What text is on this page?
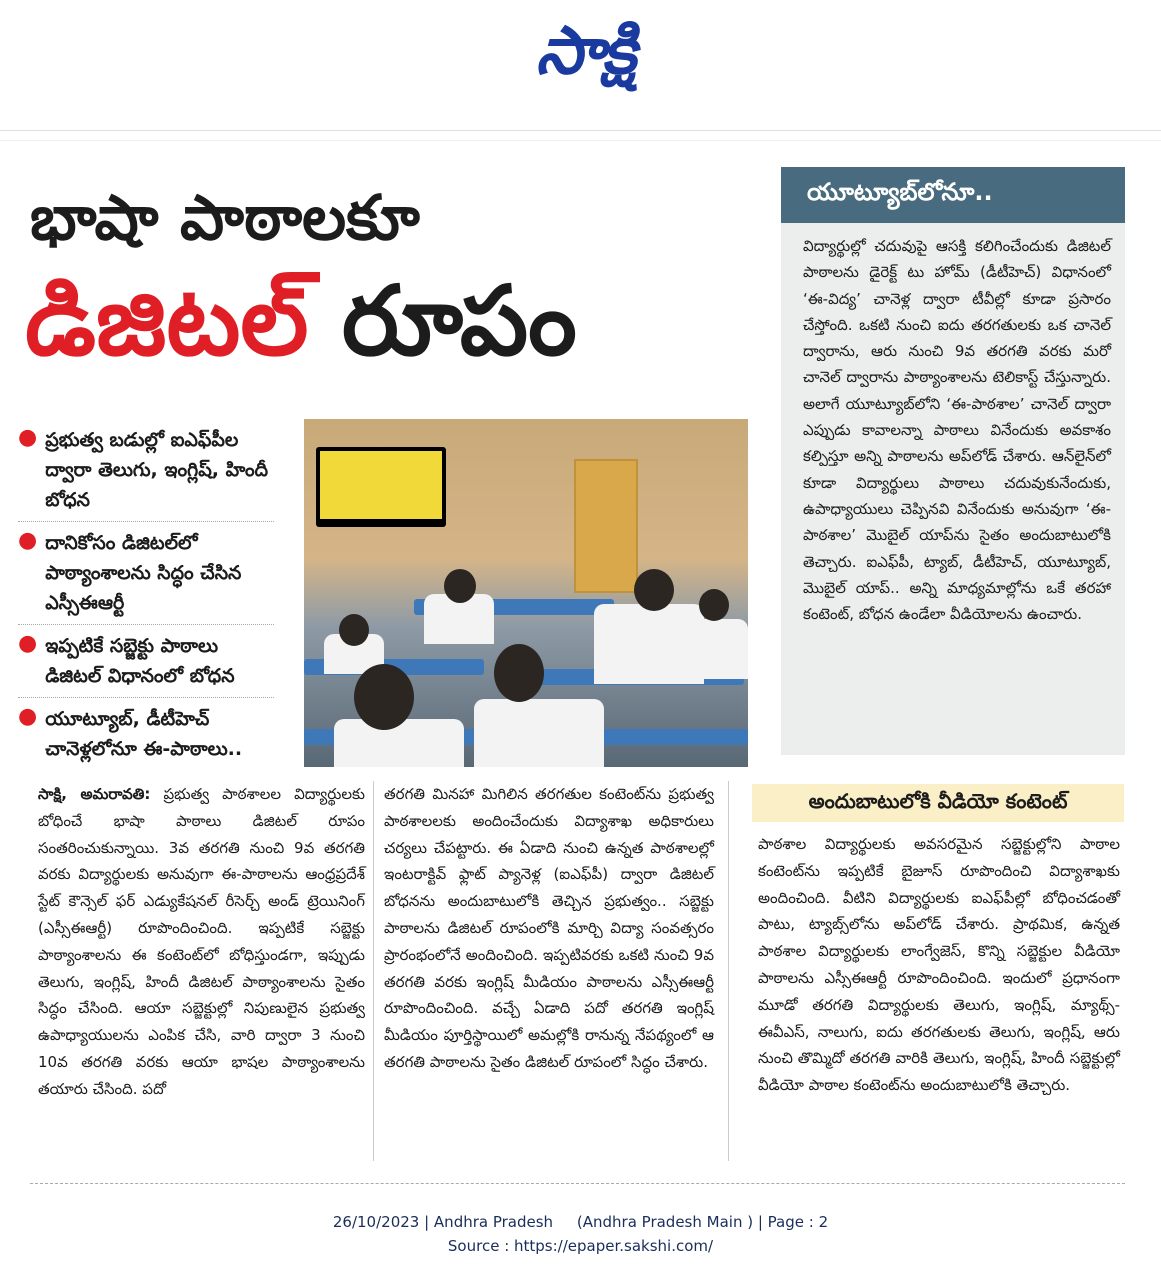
సాక్షి
భాషా పాఠాలకూ
డిజిటల్ రూపం
● ప్రభుత్వ బడుల్లో ఐఎఫ్‌పీల ద్వారా తెలుగు, ఇంగ్లిష్, హిందీ బోధన
● దానికోసం డిజిటల్‌లో పాఠ్యాంశాలను సిద్ధం చేసిన ఎస్సీఈఆర్టీ
● ఇప్పటికే సబ్జెక్టు పాఠాలు డిజిటల్ విధానంలో బోధన
● యూట్యూబ్, డీటీహెచ్ చానెళ్లలోనూ ఈ-పాఠాలు..
యూట్యూబ్‌లోనూ..
విద్యార్థుల్లో చదువుపై ఆసక్తి కలిగించేందుకు డిజిటల్ పాఠాలను డైరెక్ట్ టు హోమ్ (డీటీహెచ్) విధానంలో ‘ఈ-విద్య’ చానెళ్ల ద్వారా టీవీల్లో కూడా ప్రసారం చేస్తోంది. ఒకటి నుంచి ఐదు తరగతులకు ఒక చానెల్ ద్వారాను, ఆరు నుంచి 9వ తరగతి వరకు మరో చానెల్ ద్వారాను పాఠ్యాంశాలను టెలికాస్ట్ చేస్తున్నారు. అలాగే యూట్యూబ్‌లోని ‘ఈ-పాఠశాల’ చానెల్ ద్వారా ఎప్పుడు కావాలన్నా పాఠాలు వినేందుకు అవకాశం కల్పిస్తూ అన్ని పాఠాలను అప్‌లోడ్ చేశారు. ఆన్‌లైన్‌లో కూడా విద్యార్థులు పాఠాలు చదువుకునేందుకు, ఉపాధ్యాయులు చెప్పినవి వినేందుకు అనువుగా ‘ఈ-పాఠశాల’ మొబైల్ యాప్‌ను సైతం అందుబాటులోకి తెచ్చారు. ఐఎఫ్‌పీ, ట్యాబ్, డీటీహెచ్, యూట్యూబ్, మొబైల్ యాప్.. అన్ని మాధ్యమాల్లోను ఒకే తరహా కంటెంట్, బోధన ఉండేలా వీడియోలను ఉంచారు.
సాక్షి, అమరావతి: ప్రభుత్వ పాఠశాలల విద్యార్థులకు బోధించే భాషా పాఠాలు డిజిటల్ రూపం సంతరించుకున్నాయి. 3వ తరగతి నుంచి 9వ తరగతి వరకు విద్యార్థులకు అనువుగా ఈ-పాఠాలను ఆంధ్రప్రదేశ్ స్టేట్ కౌన్సెల్ ఫర్ ఎడ్యుకేషనల్ రీసెర్చ్ అండ్ ట్రెయినింగ్ (ఎస్సీఈఆర్టీ) రూపొందించింది. ఇప్పటికే సబ్జెక్టు పాఠ్యాంశాలను ఈ కంటెంట్‌లో బోధిస్తుండగా, ఇప్పుడు తెలుగు, ఇంగ్లిష్, హిందీ డిజిటల్ పాఠ్యాంశాలను సైతం సిద్ధం చేసింది. ఆయా సబ్జెక్టుల్లో నిపుణులైన ప్రభుత్వ ఉపాధ్యాయులను ఎంపిక చేసి, వారి ద్వారా 3 నుంచి 10వ తరగతి వరకు ఆయా భాషల పాఠ్యాంశాలను తయారు చేసింది. పదో
తరగతి మినహా మిగిలిన తరగతుల కంటెంట్‌ను ప్రభుత్వ పాఠశాలలకు అందించేందుకు విద్యాశాఖ అధికారులు చర్యలు చేపట్టారు. ఈ ఏడాది నుంచి ఉన్నత పాఠశాలల్లో ఇంటరాక్టివ్ ఫ్లాట్ ప్యానెళ్ల (ఐఎఫ్‌పీ) ద్వారా డిజిటల్ బోధనను అందుబాటులోకి తెచ్చిన ప్రభుత్వం.. సబ్జెక్టు పాఠాలను డిజిటల్ రూపంలోకి మార్చి విద్యా సంవత్సరం ప్రారంభంలోనే అందించింది. ఇప్పటివరకు ఒకటి నుంచి 9వ తరగతి వరకు ఇంగ్లిష్ మీడియం పాఠాలను ఎస్సీఈఆర్టీ రూపొందించింది. వచ్చే ఏడాది పదో తరగతి ఇంగ్లిష్ మీడియం పూర్తిస్థాయిలో అమల్లోకి రానున్న నేపథ్యంలో ఆ తరగతి పాఠాలను సైతం డిజిటల్ రూపంలో సిద్ధం చేశారు.
అందుబాటులోకి వీడియో కంటెంట్
పాఠశాల విద్యార్థులకు అవసరమైన సబ్జెక్టుల్లోని పాఠాల కంటెంట్‌ను ఇప్పటికే బైజూస్ రూపొందించి విద్యాశాఖకు అందించింది. వీటిని విద్యార్థులకు ఐఎఫ్‌పీల్లో బోధించడంతో పాటు, ట్యాబ్స్‌లోను అప్‌లోడ్ చేశారు. ప్రాథమిక, ఉన్నత పాఠశాల విద్యార్థులకు లాంగ్వేజెస్, కొన్ని సబ్జెక్టుల వీడియో పాఠాలను ఎస్సీఈఆర్టీ రూపొందించింది. ఇందులో ప్రధానంగా మూడో తరగతి విద్యార్థులకు తెలుగు, ఇంగ్లిష్, మ్యాథ్స్-ఈవీఎస్, నాలుగు, ఐదు తరగతులకు తెలుగు, ఇంగ్లిష్, ఆరు నుంచి తొమ్మిదో తరగతి వారికి తెలుగు, ఇంగ్లిష్, హిందీ సబ్జెక్టుల్లో వీడియో పాఠాల కంటెంట్‌ను అందుబాటులోకి తెచ్చారు.
26/10/2023 | Andhra Pradesh     (Andhra Pradesh Main ) | Page : 2
Source : https://epaper.sakshi.com/
